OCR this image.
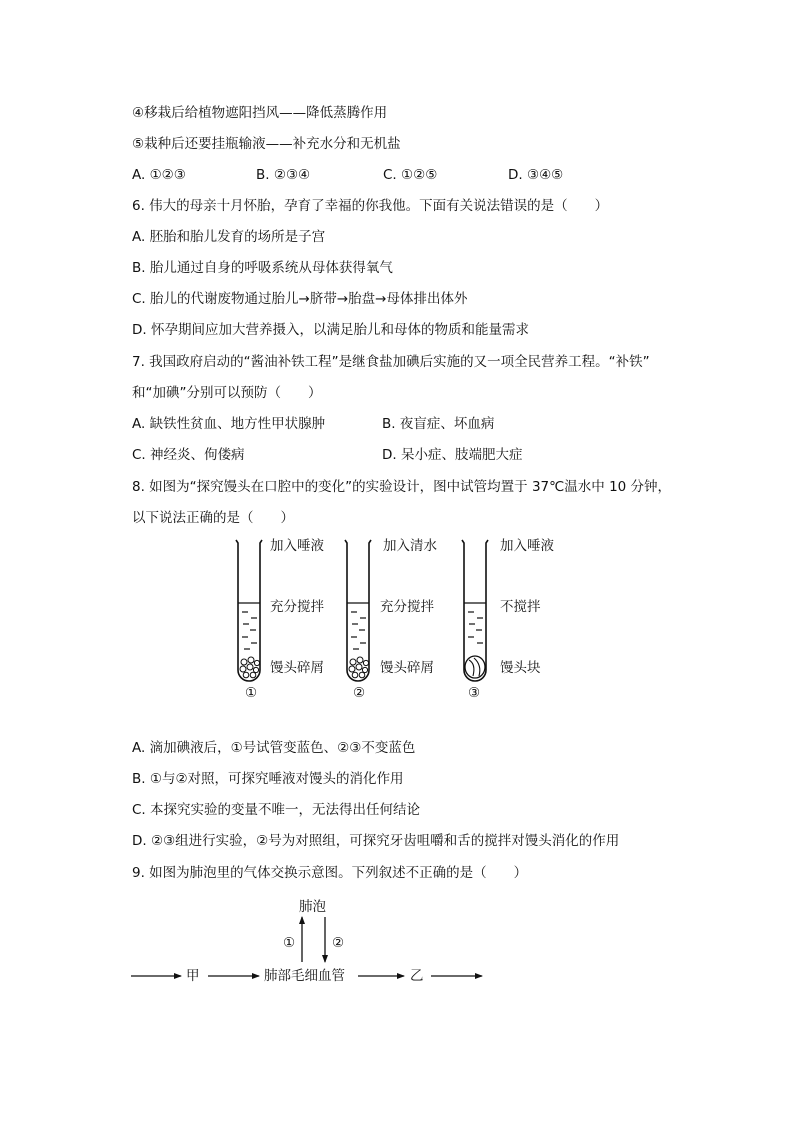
④移栽后给植物遮阳挡风——降低蒸腾作用
⑤栽种后还要挂瓶输液——补充水分和无机盐
A. ①②③	B. ②③④	C. ①②⑤	D. ③④⑤
6. 伟大的母亲十月怀胎，孕育了幸福的你我他。下面有关说法错误的是（　　）
A. 胚胎和胎儿发育的场所是子宫
B. 胎儿通过自身的呼吸系统从母体获得氧气
C. 胎儿的代谢废物通过胎儿→脐带→胎盘→母体排出体外
D. 怀孕期间应加大营养摄入，以满足胎儿和母体的物质和能量需求
7. 我国政府启动的“酱油补铁工程”是继食盐加碘后实施的又一项全民营养工程。“补铁”
和“加碘”分别可以预防（　　）
A. 缺铁性贫血、地方性甲状腺肿	B. 夜盲症、坏血病
C. 神经炎、佝偻病	D. 呆小症、肢端肥大症
8. 如图为“探究馒头在口腔中的变化”的实验设计，图中试管均置于 37℃温水中 10 分钟，
以下说法正确的是（　　）
加入唾液
充分搅拌
馒头碎屑
①
加入清水
充分搅拌
馒头碎屑
②
加入唾液
不搅拌
馒头块
③
A. 滴加碘液后，①号试管变蓝色、②③不变蓝色
B. ①与②对照，可探究唾液对馒头的消化作用
C. 本探究实验的变量不唯一，无法得出任何结论
D. ②③组进行实验，②号为对照组，可探究牙齿咀嚼和舌的搅拌对馒头消化的作用
9. 如图为肺泡里的气体交换示意图。下列叙述不正确的是（　　）
肺泡
①	②
甲	肺部毛细血管	乙
